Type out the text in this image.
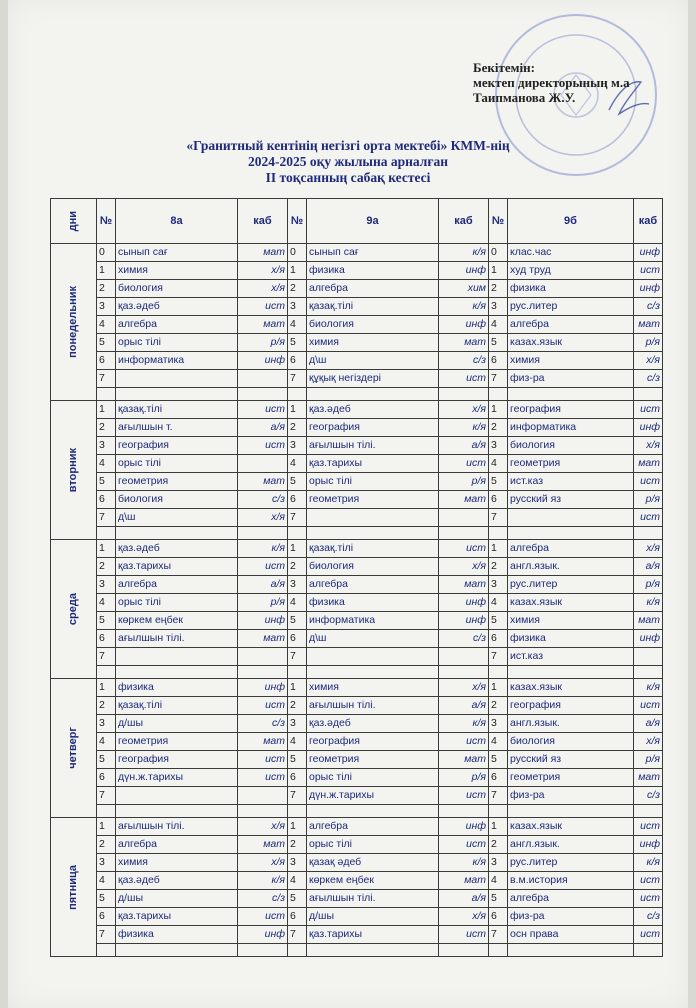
Бекітемін:
мектеп директорының м.а
Таипманова Ж.У.
«Гранитный кентінің негізгі орта мектебі» КММ-нің
2024-2025 оқу жылына арналған
ІІ тоқсанның сабақ кестесі
дни	№	8а	каб	№	9а	каб	№	9б	каб

понедельник	0	сынып сағ	мат	0	сынып сағ	к/я	0	клас.час	инф
	1	химия	х/я	1	физика	инф	1	худ труд	ист
	2	биология	х/я	2	алгебра	хим	2	физика	инф
	3	қаз.әдеб	ист	3	қазақ.тілі	к/я	3	рус.литер	с/з
	4	алгебра	мат	4	биология	инф	4	алгебра	мат
	5	орыс тілі	р/я	5	химия	мат	5	казах.язык	р/я
	6	информатика	инф	6	д\ш	с/з	6	химия	х/я
	7			7	құқық негіздері	ист	7	физ-ра	с/з

вторник	1	қазақ.тілі	ист	1	қаз.әдеб	х/я	1	география	ист
	2	ағылшын т.	а/я	2	география	к/я	2	информатика	инф
	3	география	ист	3	ағылшын тілі.	а/я	3	биология	х/я
	4	орыс тілі		4	қаз.тарихы	ист	4	геометрия	мат
	5	геометрия	мат	5	орыс тілі	р/я	5	ист.каз	ист
	6	биология	с/з	6	геометрия	мат	6	русский яз	р/я
	7	д\ш	х/я	7			7		ист

среда	1	қаз.әдеб	к/я	1	қазақ.тілі	ист	1	алгебра	х/я
	2	қаз.тарихы	ист	2	биология	х/я	2	англ.язык.	а/я
	3	алгебра	а/я	3	алгебра	мат	3	рус.литер	р/я
	4	орыс тілі	р/я	4	физика	инф	4	казах.язык	к/я
	5	көркем еңбек	инф	5	информатика	инф	5	химия	мат
	6	ағылшын тілі.	мат	6	д\ш	с/з	6	физика	инф
	7			7			7	ист.каз	

четверг	1	физика	инф	1	химия	х/я	1	казах.язык	к/я
	2	қазақ.тілі	ист	2	ағылшын тілі.	а/я	2	география	ист
	3	д/шы	с/з	3	қаз.әдеб	к/я	3	англ.язык.	а/я
	4	геометрия	мат	4	география	ист	4	биология	х/я
	5	география	ист	5	геометрия	мат	5	русский яз	р/я
	6	дүн.ж.тарихы	ист	6	орыс тілі	р/я	6	геометрия	мат
	7			7	дүн.ж.тарихы	ист	7	физ-ра	с/з

пятница	1	ағылшын тілі.	х/я	1	алгебра	инф	1	казах.язык	ист
	2	алгебра	мат	2	орыс тілі	ист	2	англ.язык.	инф
	3	химия	х/я	3	қазақ әдеб	к/я	3	рус.литер	к/я
	4	қаз.әдеб	к/я	4	көркем еңбек	мат	4	в.м.история	ист
	5	д/шы	с/з	5	ағылшын тілі.	а/я	5	алгебра	ист
	6	қаз.тарихы	ист	6	д/шы	х/я	6	физ-ра	с/з
	7	физика	инф	7	қаз.тарихы	ист	7	осн права	ист
